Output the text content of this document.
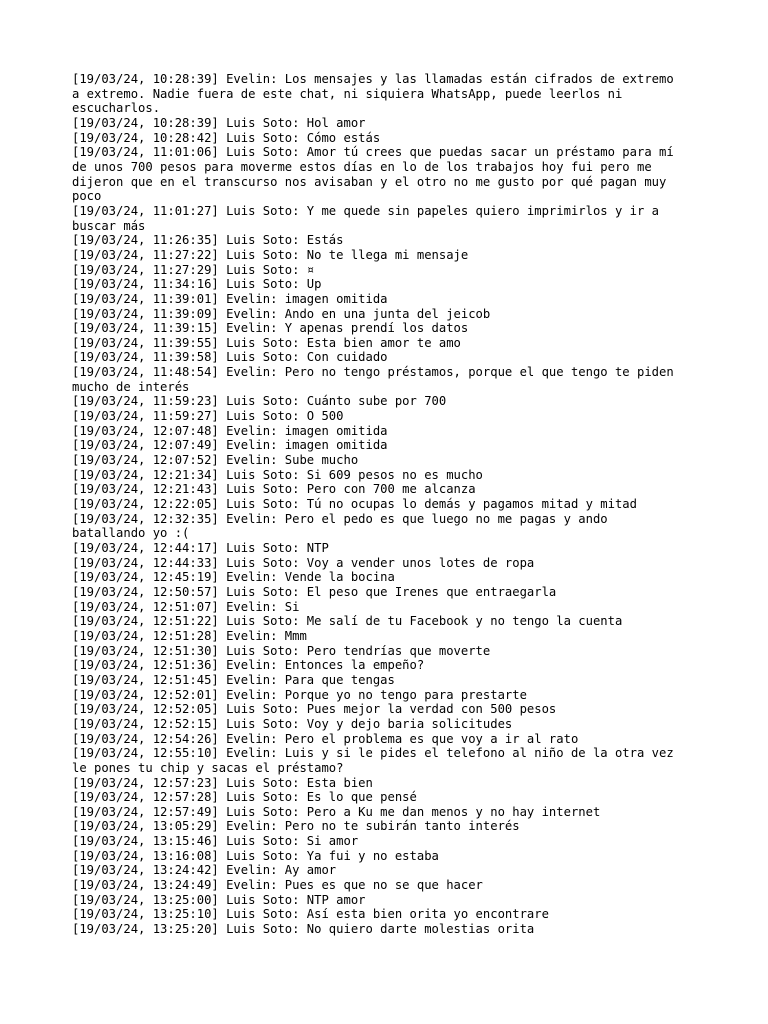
[19/03/24, 10:28:39] Evelin: Los mensajes y las llamadas están cifrados de extremo
a extremo. Nadie fuera de este chat, ni siquiera WhatsApp, puede leerlos ni
escucharlos.
[19/03/24, 10:28:39] Luis Soto: Hol amor
[19/03/24, 10:28:42] Luis Soto: Cómo estás
[19/03/24, 11:01:06] Luis Soto: Amor tú crees que puedas sacar un préstamo para mí
de unos 700 pesos para moverme estos días en lo de los trabajos hoy fui pero me
dijeron que en el transcurso nos avisaban y el otro no me gusto por qué pagan muy
poco
[19/03/24, 11:01:27] Luis Soto: Y me quede sin papeles quiero imprimirlos y ir a
buscar más
[19/03/24, 11:26:35] Luis Soto: Estás
[19/03/24, 11:27:22] Luis Soto: No te llega mi mensaje
[19/03/24, 11:27:29] Luis Soto: ¤
[19/03/24, 11:34:16] Luis Soto: Up
[19/03/24, 11:39:01] Evelin: imagen omitida
[19/03/24, 11:39:09] Evelin: Ando en una junta del jeicob
[19/03/24, 11:39:15] Evelin: Y apenas prendí los datos
[19/03/24, 11:39:55] Luis Soto: Esta bien amor te amo
[19/03/24, 11:39:58] Luis Soto: Con cuidado
[19/03/24, 11:48:54] Evelin: Pero no tengo préstamos, porque el que tengo te piden
mucho de interés
[19/03/24, 11:59:23] Luis Soto: Cuánto sube por 700
[19/03/24, 11:59:27] Luis Soto: O 500
[19/03/24, 12:07:48] Evelin: imagen omitida
[19/03/24, 12:07:49] Evelin: imagen omitida
[19/03/24, 12:07:52] Evelin: Sube mucho
[19/03/24, 12:21:34] Luis Soto: Si 609 pesos no es mucho
[19/03/24, 12:21:43] Luis Soto: Pero con 700 me alcanza
[19/03/24, 12:22:05] Luis Soto: Tú no ocupas lo demás y pagamos mitad y mitad
[19/03/24, 12:32:35] Evelin: Pero el pedo es que luego no me pagas y ando
batallando yo :(
[19/03/24, 12:44:17] Luis Soto: NTP
[19/03/24, 12:44:33] Luis Soto: Voy a vender unos lotes de ropa
[19/03/24, 12:45:19] Evelin: Vende la bocina
[19/03/24, 12:50:57] Luis Soto: El peso que Irenes que entraegarla
[19/03/24, 12:51:07] Evelin: Si
[19/03/24, 12:51:22] Luis Soto: Me salí de tu Facebook y no tengo la cuenta
[19/03/24, 12:51:28] Evelin: Mmm
[19/03/24, 12:51:30] Luis Soto: Pero tendrías que moverte
[19/03/24, 12:51:36] Evelin: Entonces la empeño?
[19/03/24, 12:51:45] Evelin: Para que tengas
[19/03/24, 12:52:01] Evelin: Porque yo no tengo para prestarte
[19/03/24, 12:52:05] Luis Soto: Pues mejor la verdad con 500 pesos
[19/03/24, 12:52:15] Luis Soto: Voy y dejo baria solicitudes
[19/03/24, 12:54:26] Evelin: Pero el problema es que voy a ir al rato
[19/03/24, 12:55:10] Evelin: Luis y si le pides el telefono al niño de la otra vez
le pones tu chip y sacas el préstamo?
[19/03/24, 12:57:23] Luis Soto: Esta bien
[19/03/24, 12:57:28] Luis Soto: Es lo que pensé
[19/03/24, 12:57:49] Luis Soto: Pero a Ku me dan menos y no hay internet
[19/03/24, 13:05:29] Evelin: Pero no te subirán tanto interés
[19/03/24, 13:15:46] Luis Soto: Si amor
[19/03/24, 13:16:08] Luis Soto: Ya fui y no estaba
[19/03/24, 13:24:42] Evelin: Ay amor
[19/03/24, 13:24:49] Evelin: Pues es que no se que hacer
[19/03/24, 13:25:00] Luis Soto: NTP amor
[19/03/24, 13:25:10] Luis Soto: Así esta bien orita yo encontrare
[19/03/24, 13:25:20] Luis Soto: No quiero darte molestias orita
